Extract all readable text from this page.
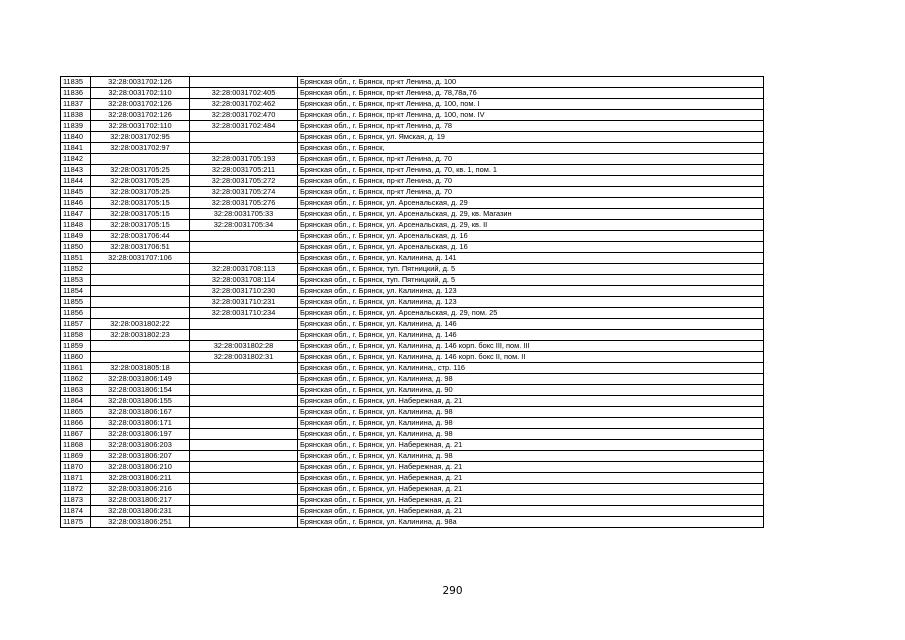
11835	32:28:0031702:126		Брянская обл., г. Брянск, пр-кт Ленина, д. 100
11836	32:28:0031702:110	32:28:0031702:405	Брянская обл., г. Брянск, пр-кт Ленина, д. 78,78а,76
11837	32:28:0031702:126	32:28:0031702:462	Брянская обл., г. Брянск, пр-кт Ленина, д. 100, пом. I
11838	32:28:0031702:126	32:28:0031702:470	Брянская обл., г. Брянск, пр-кт Ленина, д. 100, пом. IV
11839	32:28:0031702:110	32:28:0031702:484	Брянская обл., г. Брянск, пр-кт Ленина, д. 78
11840	32:28:0031702:95		Брянская обл., г. Брянск, ул. Ямская, д. 19
11841	32:28:0031702:97		Брянская обл., г. Брянск,
11842		32:28:0031705:193	Брянская обл., г. Брянск, пр-кт Ленина, д. 70
11843	32:28:0031705:25	32:28:0031705:211	Брянская обл., г. Брянск, пр-кт Ленина, д. 70, кв. 1, пом. 1
11844	32:28:0031705:25	32:28:0031705:272	Брянская обл., г. Брянск, пр-кт Ленина, д. 70
11845	32:28:0031705:25	32:28:0031705:274	Брянская обл., г. Брянск, пр-кт Ленина, д. 70
11846	32:28:0031705:15	32:28:0031705:276	Брянская обл., г. Брянск, ул. Арсенальская, д. 29
11847	32:28:0031705:15	32:28:0031705:33	Брянская обл., г. Брянск, ул. Арсенальская, д. 29, кв. Магазин
11848	32:28:0031705:15	32:28:0031705:34	Брянская обл., г. Брянск, ул. Арсенальская, д. 29, кв. II
11849	32:28:0031706:44		Брянская обл., г. Брянск, ул. Арсенальская, д. 16
11850	32:28:0031706:51		Брянская обл., г. Брянск, ул. Арсенальская, д. 16
11851	32:28:0031707:106		Брянская обл., г. Брянск, ул. Калинина, д. 141
11852		32:28:0031708:113	Брянская обл., г. Брянск, туп. Пятницкий, д. 5
11853		32:28:0031708:114	Брянская обл., г. Брянск, туп. Пятницкий, д. 5
11854		32:28:0031710:230	Брянская обл., г. Брянск, ул. Калинина, д. 123
11855		32:28:0031710:231	Брянская обл., г. Брянск, ул. Калинина, д. 123
11856		32:28:0031710:234	Брянская обл., г. Брянск, ул. Арсенальская, д. 29, пом. 25
11857	32:28:0031802:22		Брянская обл., г. Брянск, ул. Калинина, д. 146
11858	32:28:0031802:23		Брянская обл., г. Брянск, ул. Калинина, д. 146
11859		32:28:0031802:28	Брянская обл., г. Брянск, ул. Калинина, д. 146 корп. бокс III, пом. III
11860		32:28:0031802:31	Брянская обл., г. Брянск, ул. Калинина, д. 146 корп. бокс II, пом. II
11861	32:28:0031805:18		Брянская обл., г. Брянск, ул. Калинина,, стр. 116
11862	32:28:0031806:149		Брянская обл., г. Брянск, ул. Калинина, д. 98
11863	32:28:0031806:154		Брянская обл., г. Брянск, ул. Калинина, д. 90
11864	32:28:0031806:155		Брянская обл., г. Брянск, ул. Набережная, д. 21
11865	32:28:0031806:167		Брянская обл., г. Брянск, ул. Калинина, д. 98
11866	32:28:0031806:171		Брянская обл., г. Брянск, ул. Калинина, д. 98
11867	32:28:0031806:197		Брянская обл., г. Брянск, ул. Калинина, д. 98
11868	32:28:0031806:203		Брянская обл., г. Брянск, ул. Набережная, д. 21
11869	32:28:0031806:207		Брянская обл., г. Брянск, ул. Калинина, д. 98
11870	32:28:0031806:210		Брянская обл., г. Брянск, ул. Набережная, д. 21
11871	32:28:0031806:211		Брянская обл., г. Брянск, ул. Набережная, д. 21
11872	32:28:0031806:216		Брянская обл., г. Брянск, ул. Набережная, д. 21
11873	32:28:0031806:217		Брянская обл., г. Брянск, ул. Набережная, д. 21
11874	32:28:0031806:231		Брянская обл., г. Брянск, ул. Набережная, д. 21
11875	32:28:0031806:251		Брянская обл., г. Брянск, ул. Калинина, д. 98а
290
